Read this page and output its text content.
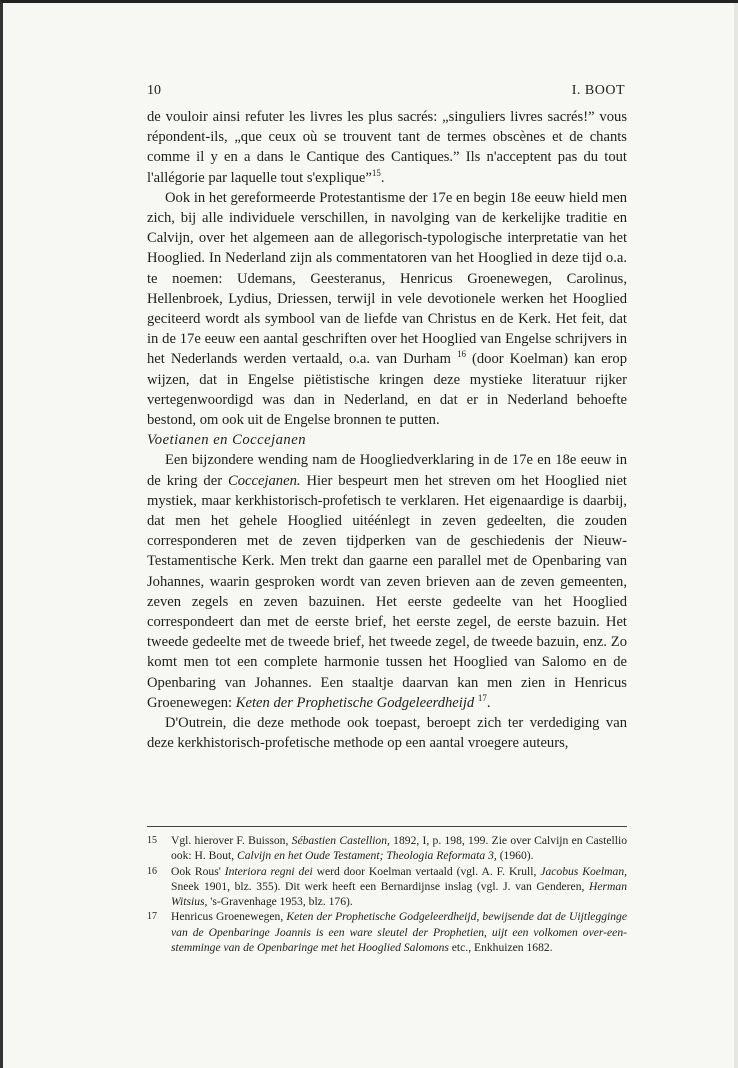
10	I. BOOT

de vouloir ainsi refuter les livres les plus sacrés: „singuliers livres sacrés!” vous répondent-ils, „que ceux où se trouvent tant de termes obscènes et de chants comme il y en a dans le Cantique des Cantiques.” Ils n'acceptent pas du tout l'allégorie par laquelle tout s'explique”$^{15}$.

Ook in het gereformeerde Protestantisme der 17e en begin 18e eeuw hield men zich, bij alle individuele verschillen, in navolging van de kerkelijke traditie en Calvijn, over het algemeen aan de allegorisch-typologische interpretatie van het Hooglied. In Nederland zijn als commentatoren van het Hooglied in deze tijd o.a. te noemen: Udemans, Geesteranus, Henricus Groenewegen, Carolinus, Hellenbroek, Lydius, Driessen, terwijl in vele devotionele werken het Hooglied geciteerd wordt als symbool van de liefde van Christus en de Kerk. Het feit, dat in de 17e eeuw een aantal geschriften over het Hooglied van Engelse schrijvers in het Nederlands werden vertaald, o.a. van Durham $^{16}$ (door Koelman) kan erop wijzen, dat in Engelse piëtistische kringen deze mystieke literatuur rijker vertegenwoordigd was dan in Nederland, en dat er in Nederland behoefte bestond, om ook uit de Engelse bronnen te putten.

Voetianen en Coccejanen

Een bijzondere wending nam de Hoogliedverklaring in de 17e en 18e eeuw in de kring der Coccejanen. Hier bespeurt men het streven om het Hooglied niet mystiek, maar kerkhistorisch-profetisch te verklaren. Het eigenaardige is daarbij, dat men het gehele Hooglied uitéénlegt in zeven gedeelten, die zouden corresponderen met de zeven tijdperken van de geschiedenis der Nieuw-Testamentische Kerk. Men trekt dan gaarne een parallel met de Openbaring van Johannes, waarin gesproken wordt van zeven brieven aan de zeven gemeenten, zeven zegels en zeven bazuinen. Het eerste gedeelte van het Hooglied correspondeert dan met de eerste brief, het eerste zegel, de eerste bazuin. Het tweede gedeelte met de tweede brief, het tweede zegel, de tweede bazuin, enz. Zo komt men tot een complete harmonie tussen het Hooglied van Salomo en de Openbaring van Johannes. Een staaltje daarvan kan men zien in Henricus Groenewegen: Keten der Prophetische Godgeleerdheijd $^{17}$.

D'Outrein, die deze methode ook toepast, beroept zich ter verdediging van deze kerkhistorisch-profetische methode op een aantal vroegere auteurs,

15 Vgl. hierover F. Buisson, Sébastien Castellion, 1892, I, p. 198, 199. Zie over Calvijn en Castellio ook: H. Bout, Calvijn en het Oude Testament; Theologia Reformata 3, (1960).
16 Ook Rous' Interiora regni dei werd door Koelman vertaald (vgl. A. F. Krull, Jacobus Koelman, Sneek 1901, blz. 355). Dit werk heeft een Bernardijnse inslag (vgl. J. van Genderen, Herman Witsius, 's-Gravenhage 1953, blz. 176).
17 Henricus Groenewegen, Keten der Prophetische Godgeleerdheijd, bewijsende dat de Uijtleggingе van de Openbaringe Joannis is een ware sleutel der Prophetien, uijt een volkomen over-een-stemminge van de Openbaringe met het Hooglied Salomons etc., Enkhuizen 1682.
